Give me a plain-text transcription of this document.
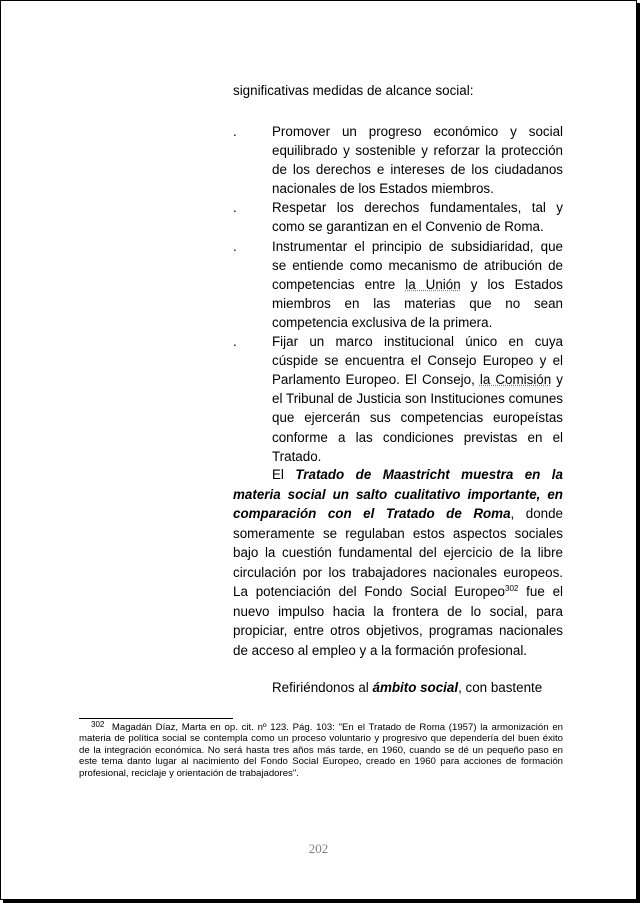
significativas medidas de alcance social:

.	Promover un progreso económico y social equilibrado y sostenible y reforzar la protección de los derechos e intereses de los ciudadanos nacionales de los Estados miembros.

.	Respetar los derechos fundamentales, tal y como se garantizan en el Convenio de Roma.

.	Instrumentar el principio de subsidiaridad, que se entiende como mecanismo de atribución de competencias entre la Unión y los Estados miembros en las materias que no sean competencia exclusiva de la primera.

.	Fijar un marco institucional único en cuya cúspide se encuentra el Consejo Europeo y el Parlamento Europeo. El Consejo, la Comisión y el Tribunal de Justicia son Instituciones comunes que ejercerán sus competencias europeístas conforme a las condiciones previstas en el Tratado.

El Tratado de Maastricht muestra en la materia social un salto cualitativo importante, en comparación con el Tratado de Roma, donde someramente se regulaban estos aspectos sociales bajo la cuestión fundamental del ejercicio de la libre circulación por los trabajadores nacionales europeos. La potenciación del Fondo Social Europeo$^{302}$ fue el nuevo impulso hacia la frontera de lo social, para propiciar, entre otros objetivos, programas nacionales de acceso al empleo y a la formación profesional.

Refiriéndonos al ámbito social, con bastente

$^{302}$ Magadán Díaz, Marta en op. cit. nº 123. Pág. 103: "En el Tratado de Roma (1957) la armonización en materia de política social se contempla como un proceso voluntario y progresivo que dependería del buen éxito de la integración económica. No será hasta tres años más tarde, en 1960, cuando se dé un pequeño paso en este tema danto lugar al nacimiento del Fondo Social Europeo, creado en 1960 para acciones de formación profesional, reciclaje y orientación de trabajadores".

202
